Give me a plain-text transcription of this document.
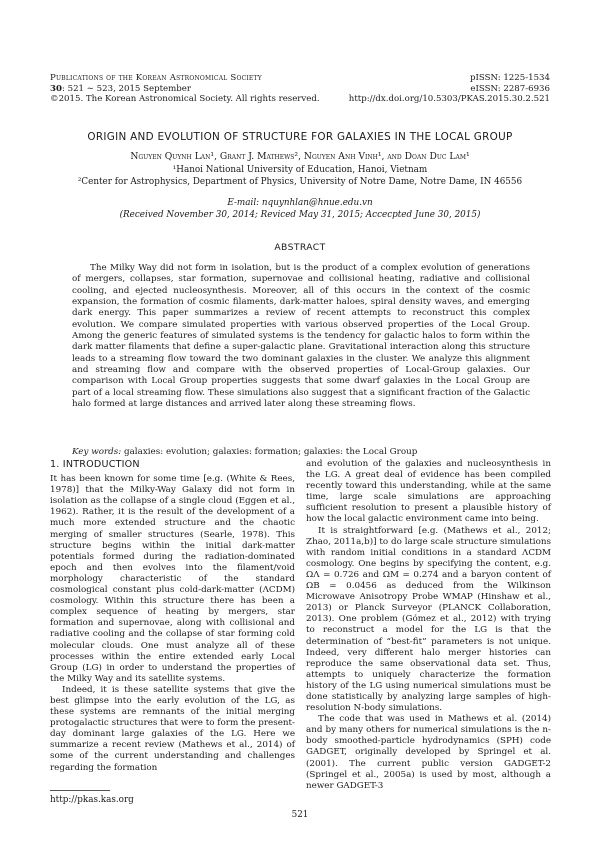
Publications of the Korean Astronomical Society
30: 521 ∼ 523, 2015 September
©2015. The Korean Astronomical Society. All rights reserved.
pISSN: 1225-1534
eISSN: 2287-6936
http://dx.doi.org/10.5303/PKAS.2015.30.2.521
ORIGIN AND EVOLUTION OF STRUCTURE FOR GALAXIES IN THE LOCAL GROUP
Nguyen Quynh Lan¹, Grant J. Mathews², Nguyen Anh Vinh¹, and Doan Duc Lam¹
¹Hanoi National University of Education, Hanoi, Vietnam
²Center for Astrophysics, Department of Physics, University of Notre Dame, Notre Dame, IN 46556
E-mail: nquynhlan@hnue.edu.vn
(Received November 30, 2014; Reviced May 31, 2015; Accecpted June 30, 2015)
ABSTRACT

The Milky Way did not form in isolation, but is the product of a complex evolution of generations of mergers, collapses, star formation, supernovae and collisional heating, radiative and collisional cooling, and ejected nucleosynthesis. Moreover, all of this occurs in the context of the cosmic expansion, the formation of cosmic filaments, dark-matter haloes, spiral density waves, and emerging dark energy. This paper summarizes a review of recent attempts to reconstruct this complex evolution. We compare simulated properties with various observed properties of the Local Group. Among the generic features of simulated systems is the tendency for galactic halos to form within the dark matter filaments that define a super-galactic plane. Gravitational interaction along this structure leads to a streaming flow toward the two dominant galaxies in the cluster. We analyze this alignment and streaming flow and compare with the observed properties of Local-Group galaxies. Our comparison with Local Group properties suggests that some dwarf galaxies in the Local Group are part of a local streaming flow. These simulations also suggest that a significant fraction of the Galactic halo formed at large distances and arrived later along these streaming flows.

Key words: galaxies: evolution; galaxies: formation; galaxies: the Local Group
1. INTRODUCTION

It has been known for some time [e.g. (White & Rees, 1978)] that the Milky-Way Galaxy did not form in isolation as the collapse of a single cloud (Eggen et al., 1962). Rather, it is the result of the development of a much more extended structure and the chaotic merging of smaller structures (Searle, 1978). This structure begins within the initial dark-matter potentials formed during the radiation-dominated epoch and then evolves into the filament/void morphology characteristic of the standard cosmological constant plus cold-dark-matter (ΛCDM) cosmology. Within this structure there has been a complex sequence of heating by mergers, star formation and supernovae, along with collisional and radiative cooling and the collapse of star forming cold molecular clouds. One must analyze all of these processes within the entire extended early Local Group (LG) in order to understand the properties of the Milky Way and its satellite systems.

Indeed, it is these satellite systems that give the best glimpse into the early evolution of the LG, as these systems are remnants of the initial merging protogalactic structures that were to form the present-day dominant large galaxies of the LG. Here we summarize a recent review (Mathews et al., 2014) of some of the current understanding and challenges regarding the formation

and evolution of the galaxies and nucleosynthesis in the LG. A great deal of evidence has been compiled recently toward this understanding, while at the same time, large scale simulations are approaching sufficient resolution to present a plausible history of how the local galactic environment came into being.

It is straightforward [e.g. (Mathews et al., 2012; Zhao, 2011a,b)] to do large scale structure simulations with random initial conditions in a standard ΛCDM cosmology. One begins by specifying the content, e.g. ΩΛ = 0.726 and ΩM = 0.274 and a baryon content of ΩB = 0.0456 as deduced from the Wilkinson Microwave Anisotropy Probe WMAP (Hinshaw et al., 2013) or Planck Surveyor (PLANCK Collaboration, 2013). One problem (Gómez et al., 2012) with trying to reconstruct a model for the LG is that the determination of “best-fit” parameters is not unique. Indeed, very different halo merger histories can reproduce the same observational data set. Thus, attempts to uniquely characterize the formation history of the LG using numerical simulations must be done statistically by analyzing large samples of high-resolution N-body simulations.

The code that was used in Mathews et al. (2014) and by many others for numerical simulations is the n-body smoothed-particle hydrodynamics (SPH) code GADGET, originally developed by Springel et al. (2001). The current public version GADGET-2 (Springel et al., 2005a) is used by most, although a newer GADGET-3

http://pkas.kas.org
521
